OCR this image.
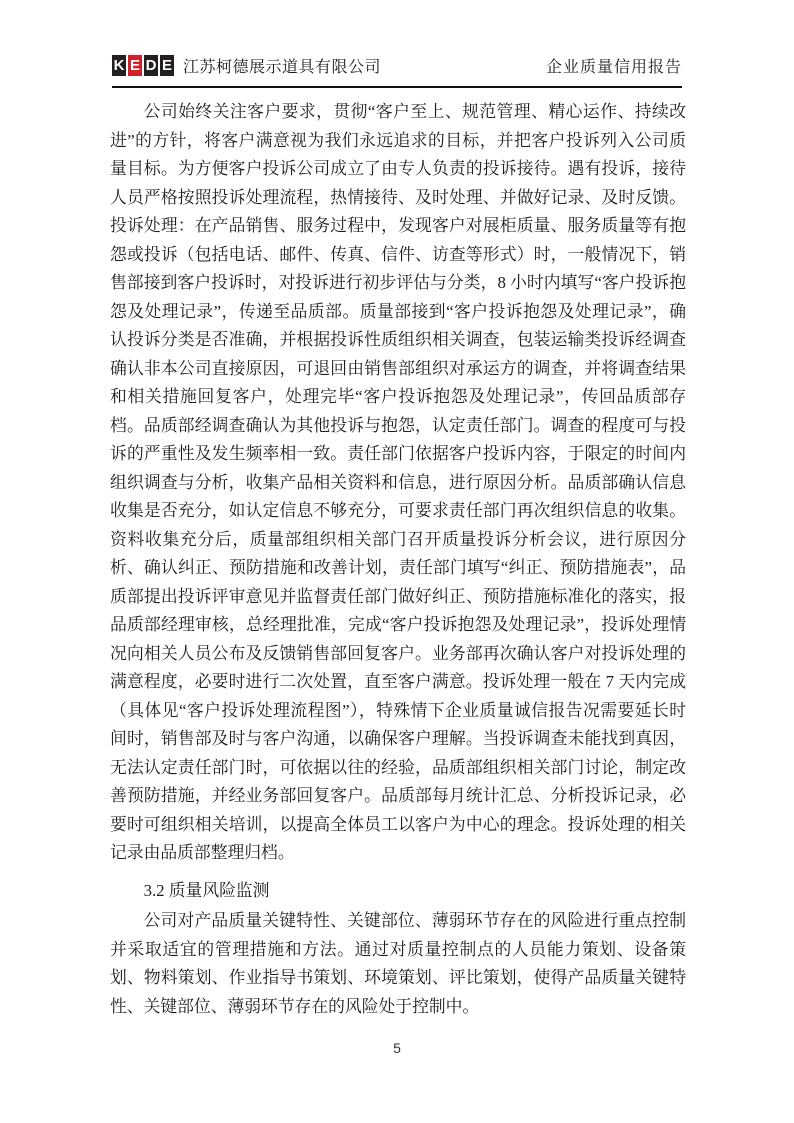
K E D E 江苏柯德展示道具有限公司	企业质量信用报告

公司始终关注客户要求，贯彻“客户至上、规范管理、精心运作、持续改进”的方针，将客户满意视为我们永远追求的目标，并把客户投诉列入公司质量目标。为方便客户投诉公司成立了由专人负责的投诉接待。遇有投诉，接待人员严格按照投诉处理流程，热情接待、及时处理、并做好记录、及时反馈。投诉处理：在产品销售、服务过程中，发现客户对展柜质量、服务质量等有抱怨或投诉（包括电话、邮件、传真、信件、访查等形式）时，一般情况下，销售部接到客户投诉时，对投诉进行初步评估与分类，8 小时内填写“客户投诉抱怨及处理记录”，传递至品质部。质量部接到“客户投诉抱怨及处理记录”，确认投诉分类是否准确，并根据投诉性质组织相关调查，包装运输类投诉经调查确认非本公司直接原因，可退回由销售部组织对承运方的调查，并将调查结果和相关措施回复客户，处理完毕“客户投诉抱怨及处理记录”，传回品质部存档。品质部经调查确认为其他投诉与抱怨，认定责任部门。调查的程度可与投诉的严重性及发生频率相一致。责任部门依据客户投诉内容，于限定的时间内组织调查与分析，收集产品相关资料和信息，进行原因分析。品质部确认信息收集是否充分，如认定信息不够充分，可要求责任部门再次组织信息的收集。资料收集充分后，质量部组织相关部门召开质量投诉分析会议，进行原因分析、确认纠正、预防措施和改善计划，责任部门填写“纠正、预防措施表”，品质部提出投诉评审意见并监督责任部门做好纠正、预防措施标准化的落实，报品质部经理审核，总经理批准，完成“客户投诉抱怨及处理记录”，投诉处理情况向相关人员公布及反馈销售部回复客户。业务部再次确认客户对投诉处理的满意程度，必要时进行二次处置，直至客户满意。投诉处理一般在 7 天内完成（具体见“客户投诉处理流程图”），特殊情下企业质量诚信报告况需要延长时间时，销售部及时与客户沟通，以确保客户理解。当投诉调查未能找到真因，无法认定责任部门时，可依据以往的经验，品质部组织相关部门讨论，制定改善预防措施，并经业务部回复客户。品质部每月统计汇总、分析投诉记录，必要时可组织相关培训，以提高全体员工以客户为中心的理念。投诉处理的相关记录由品质部整理归档。

3.2 质量风险监测

公司对产品质量关键特性、关键部位、薄弱环节存在的风险进行重点控制并采取适宜的管理措施和方法。通过对质量控制点的人员能力策划、设备策划、物料策划、作业指导书策划、环境策划、评比策划，使得产品质量关键特性、关键部位、薄弱环节存在的风险处于控制中。

5
